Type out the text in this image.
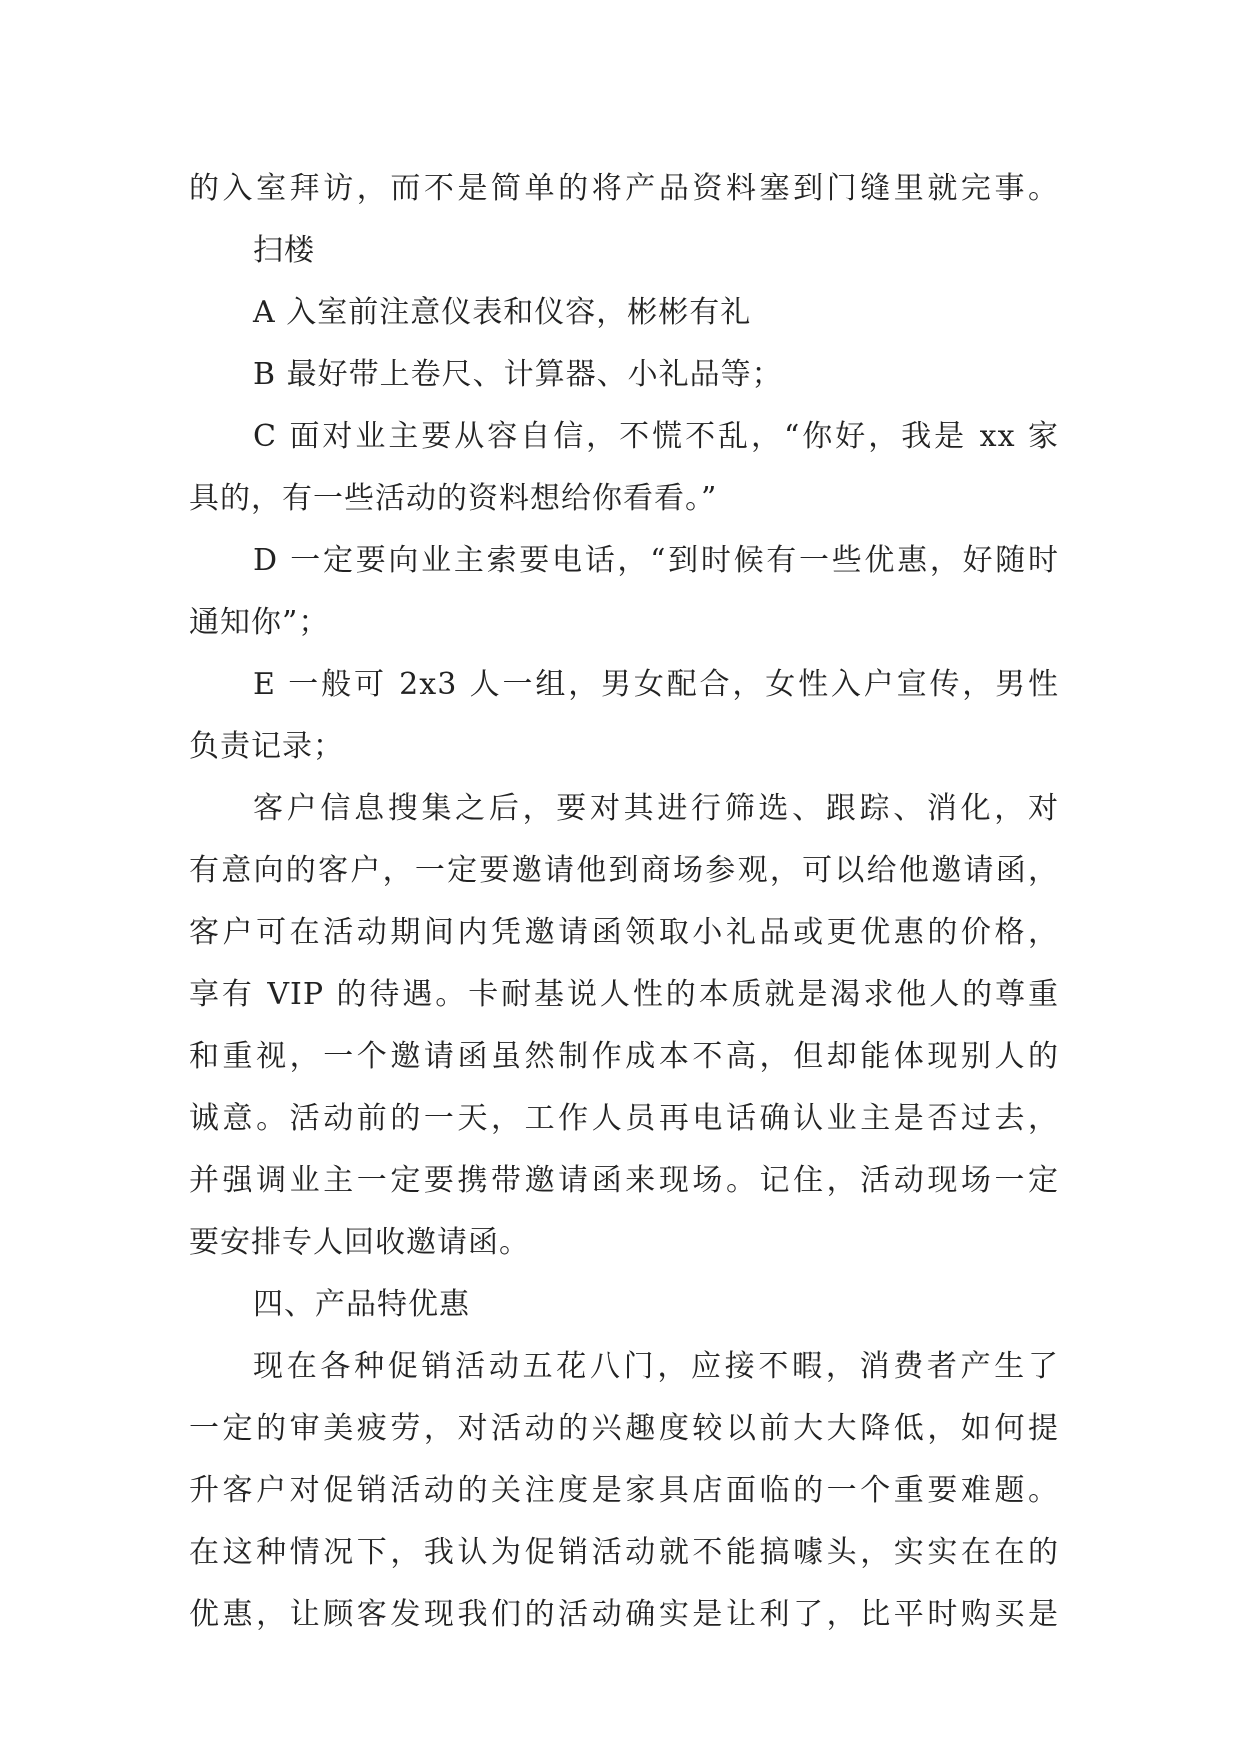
的入室拜访，而不是简单的将产品资料塞到门缝里就完事。

扫楼

A 入室前注意仪表和仪容，彬彬有礼

B 最好带上卷尺、计算器、小礼品等；

C 面对业主要从容自信，不慌不乱，“你好，我是 xx 家

具的，有一些活动的资料想给你看看。”

D 一定要向业主索要电话，“到时候有一些优惠，好随时

通知你”；

E 一般可 2x3 人一组，男女配合，女性入户宣传，男性

负责记录；

客户信息搜集之后，要对其进行筛选、跟踪、消化，对

有意向的客户，一定要邀请他到商场参观，可以给他邀请函，

客户可在活动期间内凭邀请函领取小礼品或更优惠的价格，

享有 VIP 的待遇。卡耐基说人性的本质就是渴求他人的尊重

和重视，一个邀请函虽然制作成本不高，但却能体现别人的

诚意。活动前的一天，工作人员再电话确认业主是否过去，

并强调业主一定要携带邀请函来现场。记住，活动现场一定

要安排专人回收邀请函。

四、产品特优惠

现在各种促销活动五花八门，应接不暇，消费者产生了

一定的审美疲劳，对活动的兴趣度较以前大大降低，如何提

升客户对促销活动的关注度是家具店面临的一个重要难题。

在这种情况下，我认为促销活动就不能搞噱头，实实在在的

优惠，让顾客发现我们的活动确实是让利了，比平时购买是
